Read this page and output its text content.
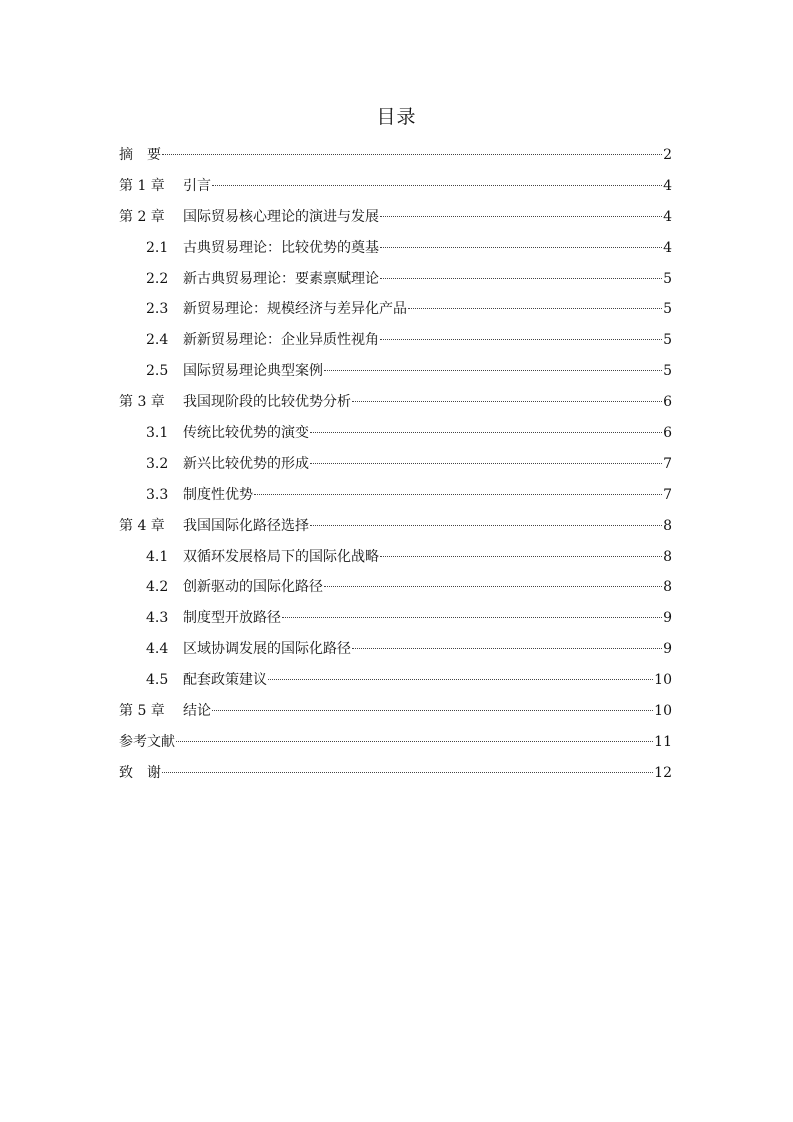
目录
摘　要	2
第 1 章	引言	4
第 2 章	国际贸易核心理论的演进与发展	4
2.1	古典贸易理论：比较优势的奠基	4
2.2	新古典贸易理论：要素禀赋理论	5
2.3	新贸易理论：规模经济与差异化产品	5
2.4	新新贸易理论：企业异质性视角	5
2.5	国际贸易理论典型案例	5
第 3 章	我国现阶段的比较优势分析	6
3.1	传统比较优势的演变	6
3.2	新兴比较优势的形成	7
3.3	制度性优势	7
第 4 章	我国国际化路径选择	8
4.1	双循环发展格局下的国际化战略	8
4.2	创新驱动的国际化路径	8
4.3	制度型开放路径	9
4.4	区域协调发展的国际化路径	9
4.5	配套政策建议	10
第 5 章	结论	10
参考文献	11
致　谢	12
